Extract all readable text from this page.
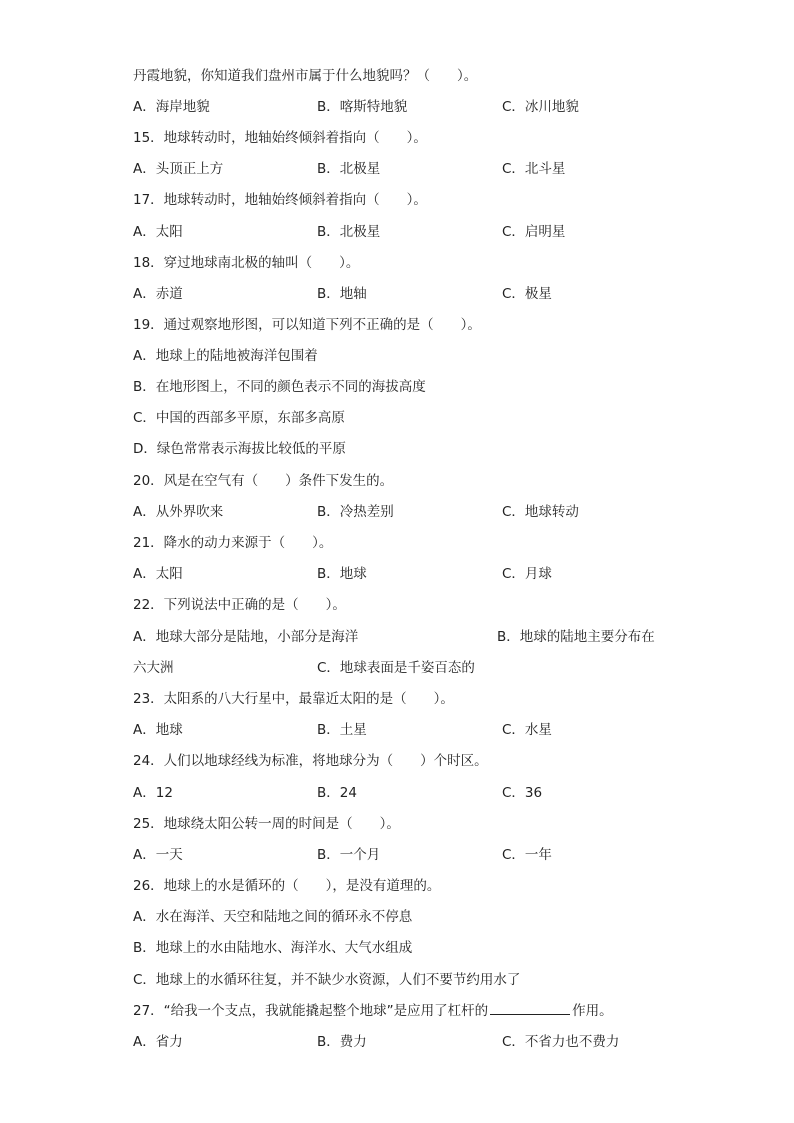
丹霞地貌，你知道我们盘州市属于什么地貌吗？（　　）。
A．海岸地貌	B．喀斯特地貌	C．冰川地貌
15．地球转动时，地轴始终倾斜着指向（　　）。
A．头顶正上方	B．北极星	C．北斗星
17．地球转动时，地轴始终倾斜着指向（　　）。
A．太阳	B．北极星	C．启明星
18．穿过地球南北极的轴叫（　　）。
A．赤道	B．地轴	C．极星
19．通过观察地形图，可以知道下列不正确的是（　　）。
A．地球上的陆地被海洋包围着
B．在地形图上，不同的颜色表示不同的海拔高度
C．中国的西部多平原，东部多高原
D．绿色常常表示海拔比较低的平原
20．风是在空气有（　　）条件下发生的。
A．从外界吹来	B．冷热差别	C．地球转动
21．降水的动力来源于（　　）。
A．太阳	B．地球	C．月球
22．下列说法中正确的是（　　）。
A．地球大部分是陆地，小部分是海洋	B．地球的陆地主要分布在
六大洲	C．地球表面是千姿百态的
23．太阳系的八大行星中，最靠近太阳的是（　　）。
A．地球	B．土星	C．水星
24．人们以地球经线为标准，将地球分为（　　）个时区。
A．12	B．24	C．36
25．地球绕太阳公转一周的时间是（　　）。
A．一天	B．一个月	C．一年
26．地球上的水是循环的（　　），是没有道理的。
A．水在海洋、天空和陆地之间的循环永不停息
B．地球上的水由陆地水、海洋水、大气水组成
C．地球上的水循环往复，并不缺少水资源，人们不要节约用水了
27．“给我一个支点，我就能撬起整个地球”是应用了杠杆的	作用。
A．省力	B．费力	C．不省力也不费力
